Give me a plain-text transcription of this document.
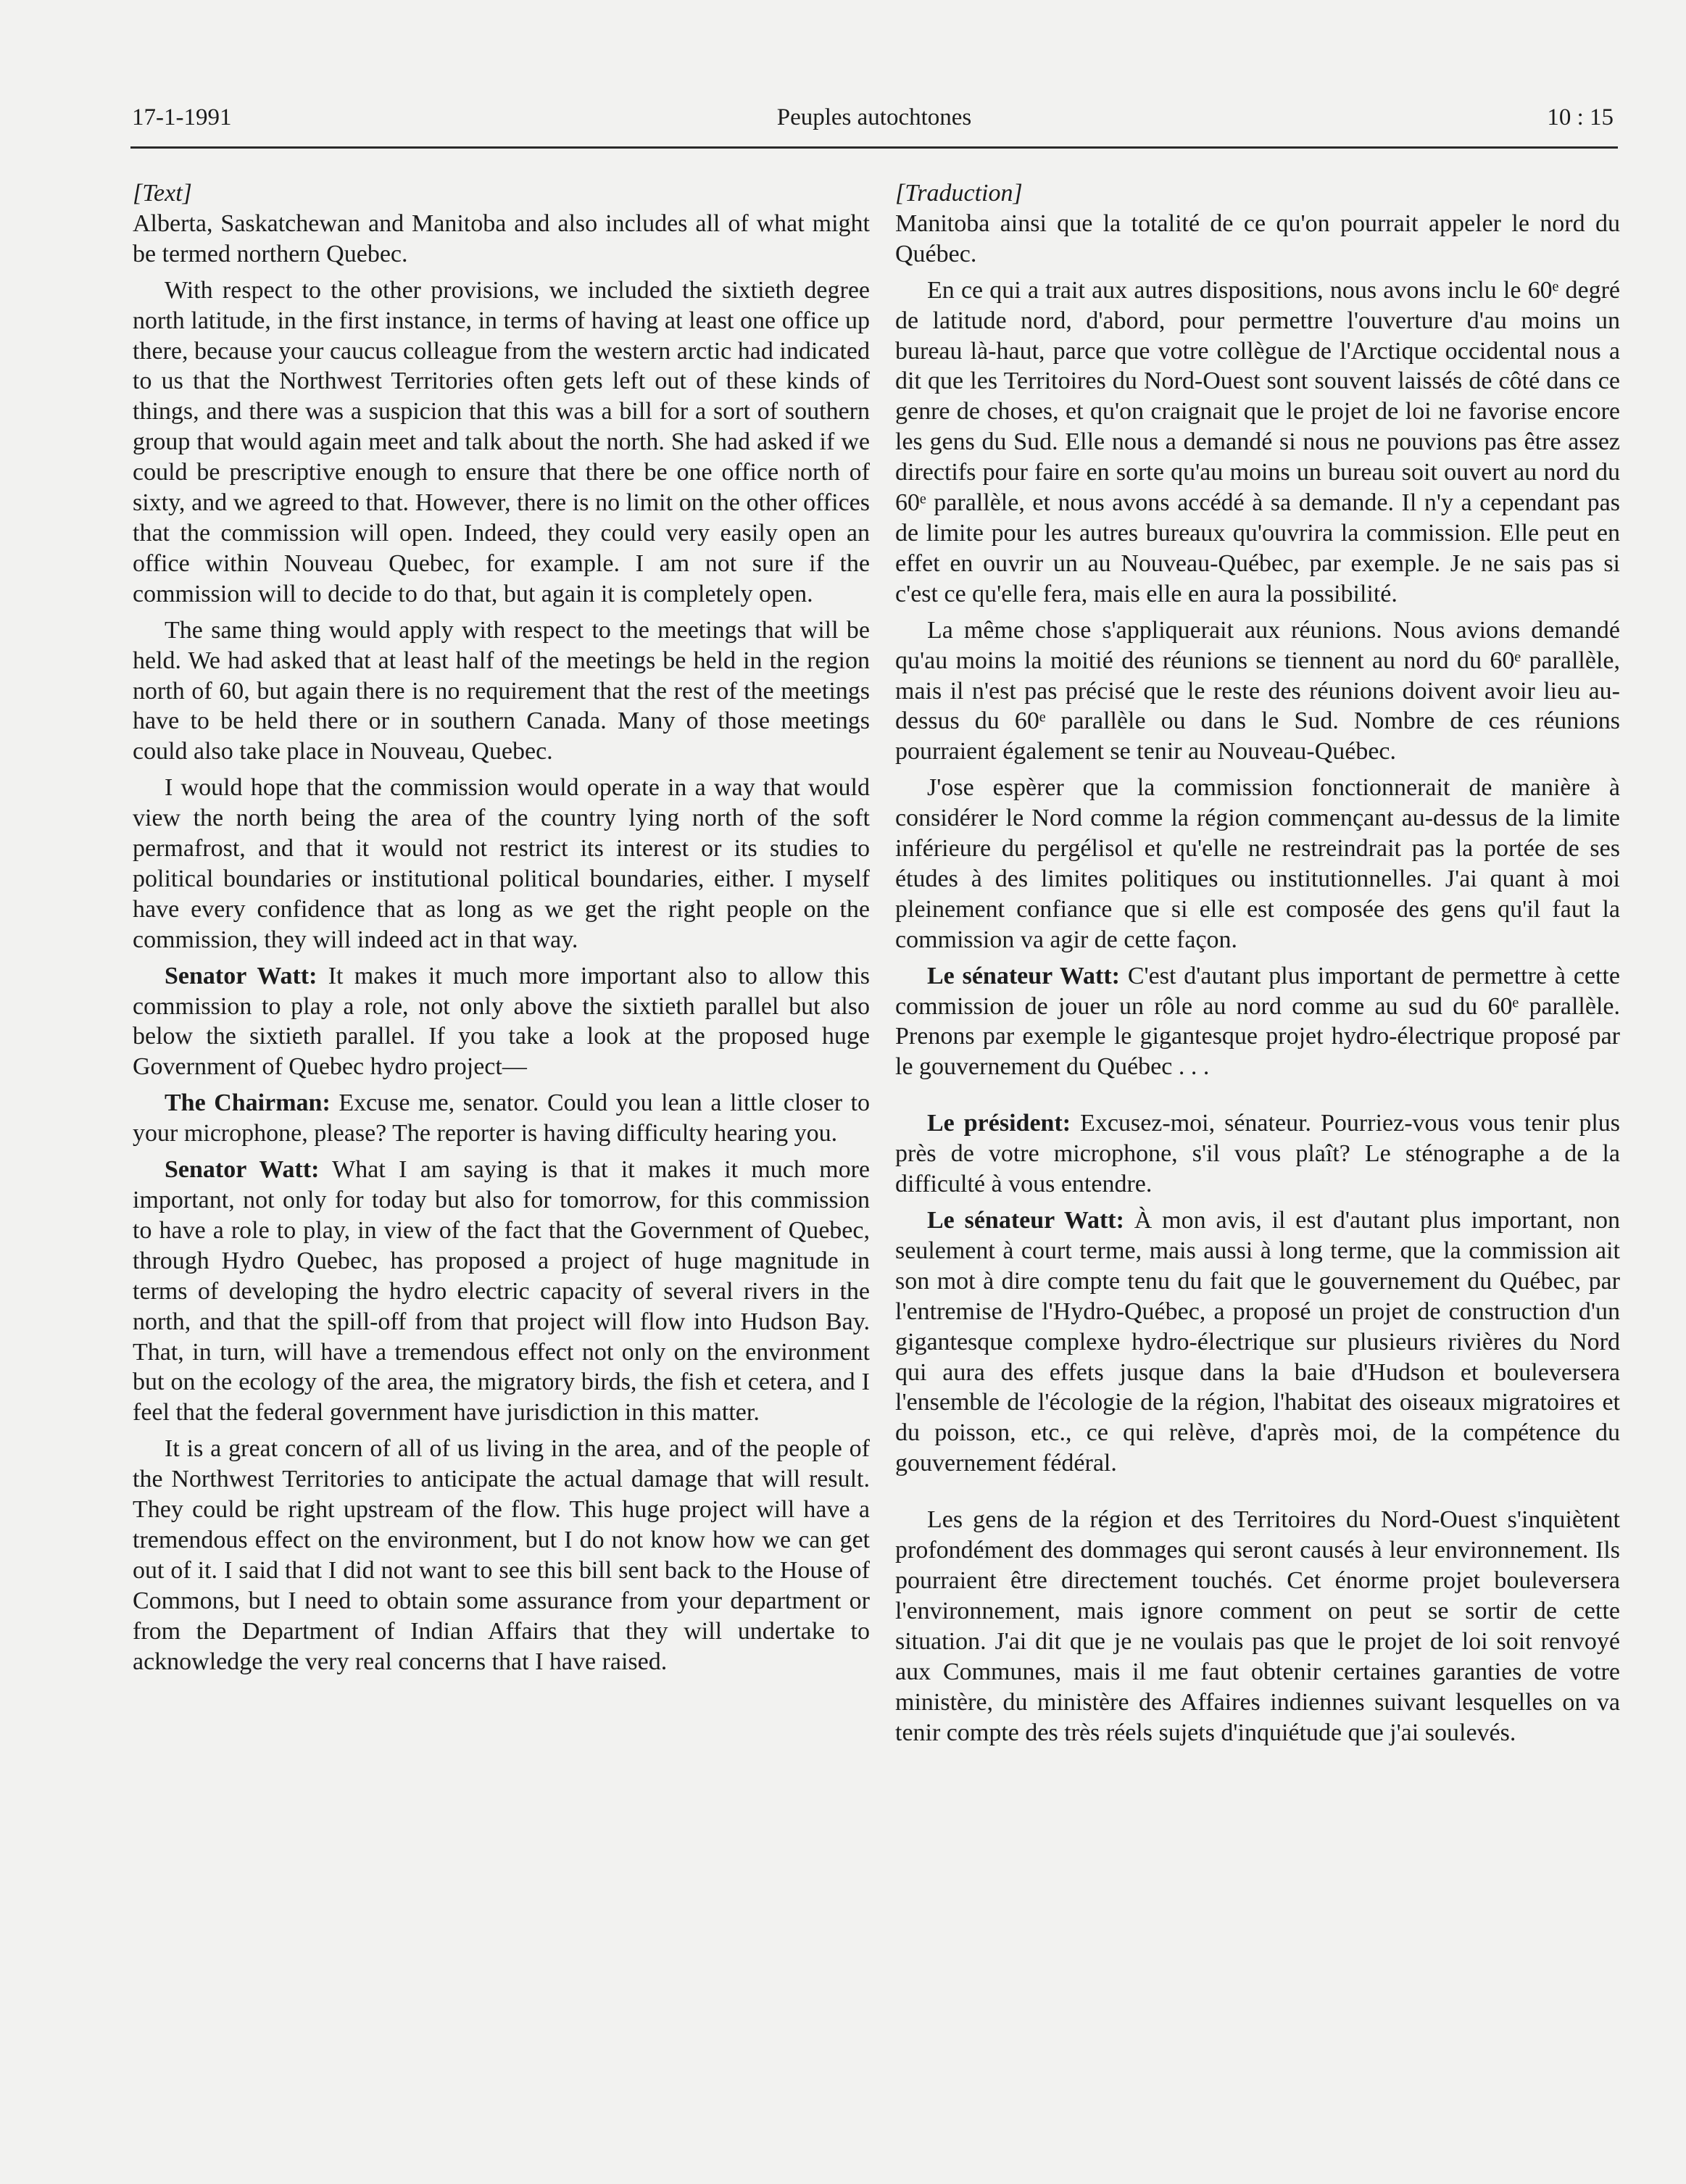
17-1-1991	Peuples autochtones	10 : 15
[Text]

Alberta, Saskatchewan and Manitoba and also includes all of what might be termed northern Quebec.

With respect to the other provisions, we included the sixtieth degree north latitude, in the first instance, in terms of having at least one office up there, because your caucus colleague from the western arctic had indicated to us that the Northwest Territories often gets left out of these kinds of things, and there was a suspicion that this was a bill for a sort of southern group that would again meet and talk about the north. She had asked if we could be prescriptive enough to ensure that there be one office north of sixty, and we agreed to that. However, there is no limit on the other offices that the commission will open. Indeed, they could very easily open an office within Nouveau Quebec, for example. I am not sure if the commission will to decide to do that, but again it is completely open.

The same thing would apply with respect to the meetings that will be held. We had asked that at least half of the meetings be held in the region north of 60, but again there is no requirement that the rest of the meetings have to be held there or in southern Canada. Many of those meetings could also take place in Nouveau, Quebec.

I would hope that the commission would operate in a way that would view the north being the area of the country lying north of the soft permafrost, and that it would not restrict its interest or its studies to political boundaries or institutional political boundaries, either. I myself have every confidence that as long as we get the right people on the commission, they will indeed act in that way.

Senator Watt: It makes it much more important also to allow this commission to play a role, not only above the sixtieth parallel but also below the sixtieth parallel. If you take a look at the proposed huge Government of Quebec hydro project—

The Chairman: Excuse me, senator. Could you lean a little closer to your microphone, please? The reporter is having difficulty hearing you.

Senator Watt: What I am saying is that it makes it much more important, not only for today but also for tomorrow, for this commission to have a role to play, in view of the fact that the Government of Quebec, through Hydro Quebec, has proposed a project of huge magnitude in terms of developing the hydro electric capacity of several rivers in the north, and that the spill-off from that project will flow into Hudson Bay. That, in turn, will have a tremendous effect not only on the environment but on the ecology of the area, the migratory birds, the fish et cetera, and I feel that the federal government have jurisdiction in this matter.

It is a great concern of all of us living in the area, and of the people of the Northwest Territories to anticipate the actual damage that will result. They could be right upstream of the flow. This huge project will have a tremendous effect on the environment, but I do not know how we can get out of it. I said that I did not want to see this bill sent back to the House of Commons, but I need to obtain some assurance from your department or from the Department of Indian Affairs that they will undertake to acknowledge the very real concerns that I have raised.

[Traduction]

Manitoba ainsi que la totalité de ce qu'on pourrait appeler le nord du Québec.

En ce qui a trait aux autres dispositions, nous avons inclu le 60ᵉ degré de latitude nord, d'abord, pour permettre l'ouverture d'au moins un bureau là-haut, parce que votre collègue de l'Arctique occidental nous a dit que les Territoires du Nord-Ouest sont souvent laissés de côté dans ce genre de choses, et qu'on craignait que le projet de loi ne favorise encore les gens du Sud. Elle nous a demandé si nous ne pouvions pas être assez directifs pour faire en sorte qu'au moins un bureau soit ouvert au nord du 60ᵉ parallèle, et nous avons accédé à sa demande. Il n'y a cependant pas de limite pour les autres bureaux qu'ouvrira la commission. Elle peut en effet en ouvrir un au Nouveau-Québec, par exemple. Je ne sais pas si c'est ce qu'elle fera, mais elle en aura la possibilité.

La même chose s'appliquerait aux réunions. Nous avions demandé qu'au moins la moitié des réunions se tiennent au nord du 60ᵉ parallèle, mais il n'est pas précisé que le reste des réunions doivent avoir lieu au-dessus du 60ᵉ parallèle ou dans le Sud. Nombre de ces réunions pourraient également se tenir au Nouveau-Québec.

J'ose espèrer que la commission fonctionnerait de manière à considérer le Nord comme la région commençant au-dessus de la limite inférieure du pergélisol et qu'elle ne restreindrait pas la portée de ses études à des limites politiques ou institutionnelles. J'ai quant à moi pleinement confiance que si elle est composée des gens qu'il faut la commission va agir de cette façon.

Le sénateur Watt: C'est d'autant plus important de permettre à cette commission de jouer un rôle au nord comme au sud du 60ᵉ parallèle. Prenons par exemple le gigantesque projet hydro-électrique proposé par le gouvernement du Québec . . .

Le président: Excusez-moi, sénateur. Pourriez-vous vous tenir plus près de votre microphone, s'il vous plaît? Le sténographe a de la difficulté à vous entendre.

Le sénateur Watt: À mon avis, il est d'autant plus important, non seulement à court terme, mais aussi à long terme, que la commission ait son mot à dire compte tenu du fait que le gouvernement du Québec, par l'entremise de l'Hydro-Québec, a proposé un projet de construction d'un gigantesque complexe hydro-électrique sur plusieurs rivières du Nord qui aura des effets jusque dans la baie d'Hudson et bouleversera l'ensemble de l'écologie de la région, l'habitat des oiseaux migratoires et du poisson, etc., ce qui relève, d'après moi, de la compétence du gouvernement fédéral.

Les gens de la région et des Territoires du Nord-Ouest s'inquiètent profondément des dommages qui seront causés à leur environnement. Ils pourraient être directement touchés. Cet énorme projet bouleversera l'environnement, mais ignore comment on peut se sortir de cette situation. J'ai dit que je ne voulais pas que le projet de loi soit renvoyé aux Communes, mais il me faut obtenir certaines garanties de votre ministère, du ministère des Affaires indiennes suivant lesquelles on va tenir compte des très réels sujets d'inquiétude que j'ai soulevés.
